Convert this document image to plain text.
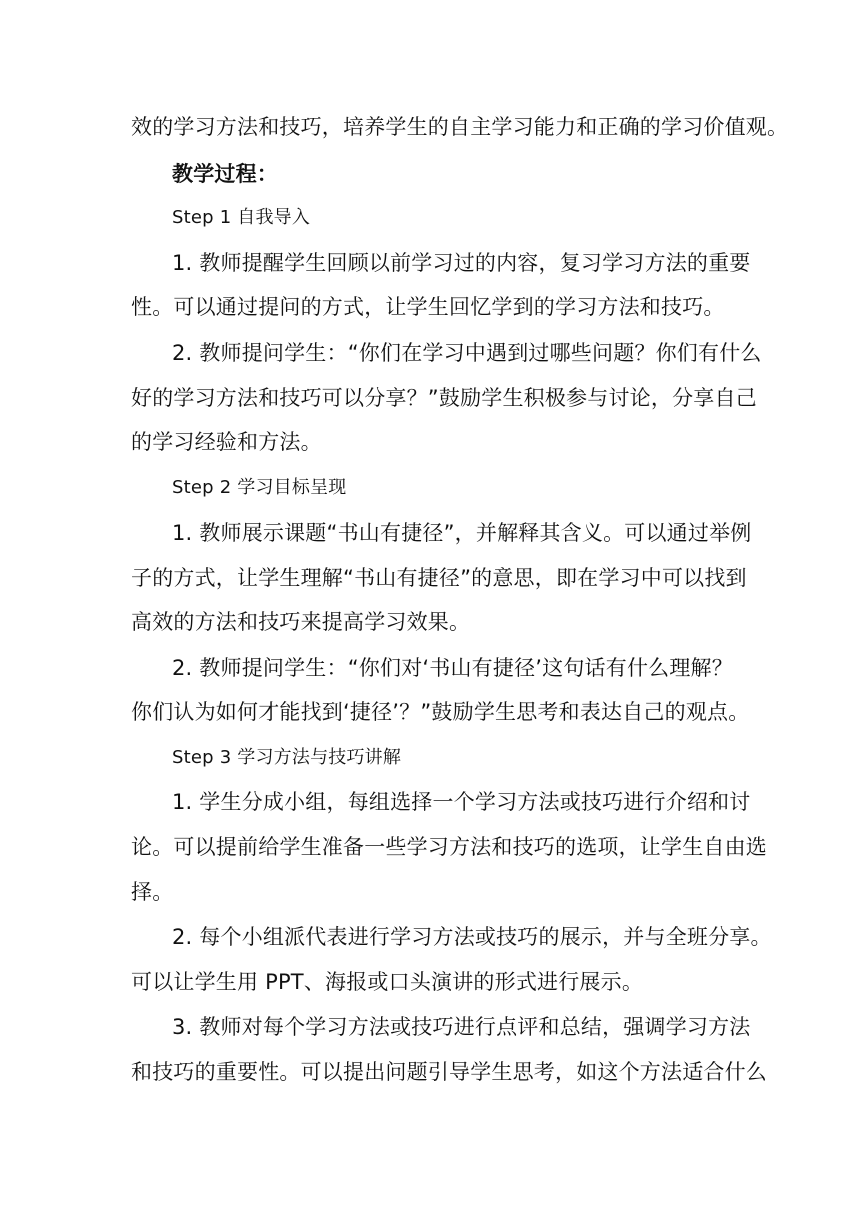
效的学习方法和技巧，培养学生的自主学习能力和正确的学习价值观。
教学过程：
Step 1 自我导入
1. 教师提醒学生回顾以前学习过的内容，复习学习方法的重要
性。可以通过提问的方式，让学生回忆学到的学习方法和技巧。
2. 教师提问学生：“你们在学习中遇到过哪些问题？你们有什么
好的学习方法和技巧可以分享？”鼓励学生积极参与讨论，分享自己
的学习经验和方法。
Step 2 学习目标呈现
1. 教师展示课题“书山有捷径”，并解释其含义。可以通过举例
子的方式，让学生理解“书山有捷径”的意思，即在学习中可以找到
高效的方法和技巧来提高学习效果。
2. 教师提问学生：“你们对‘书山有捷径’这句话有什么理解？
你们认为如何才能找到‘捷径’？”鼓励学生思考和表达自己的观点。
Step 3 学习方法与技巧讲解
1. 学生分成小组，每组选择一个学习方法或技巧进行介绍和讨
论。可以提前给学生准备一些学习方法和技巧的选项，让学生自由选
择。
2. 每个小组派代表进行学习方法或技巧的展示，并与全班分享。
可以让学生用 PPT、海报或口头演讲的形式进行展示。
3. 教师对每个学习方法或技巧进行点评和总结，强调学习方法
和技巧的重要性。可以提出问题引导学生思考，如这个方法适合什么
